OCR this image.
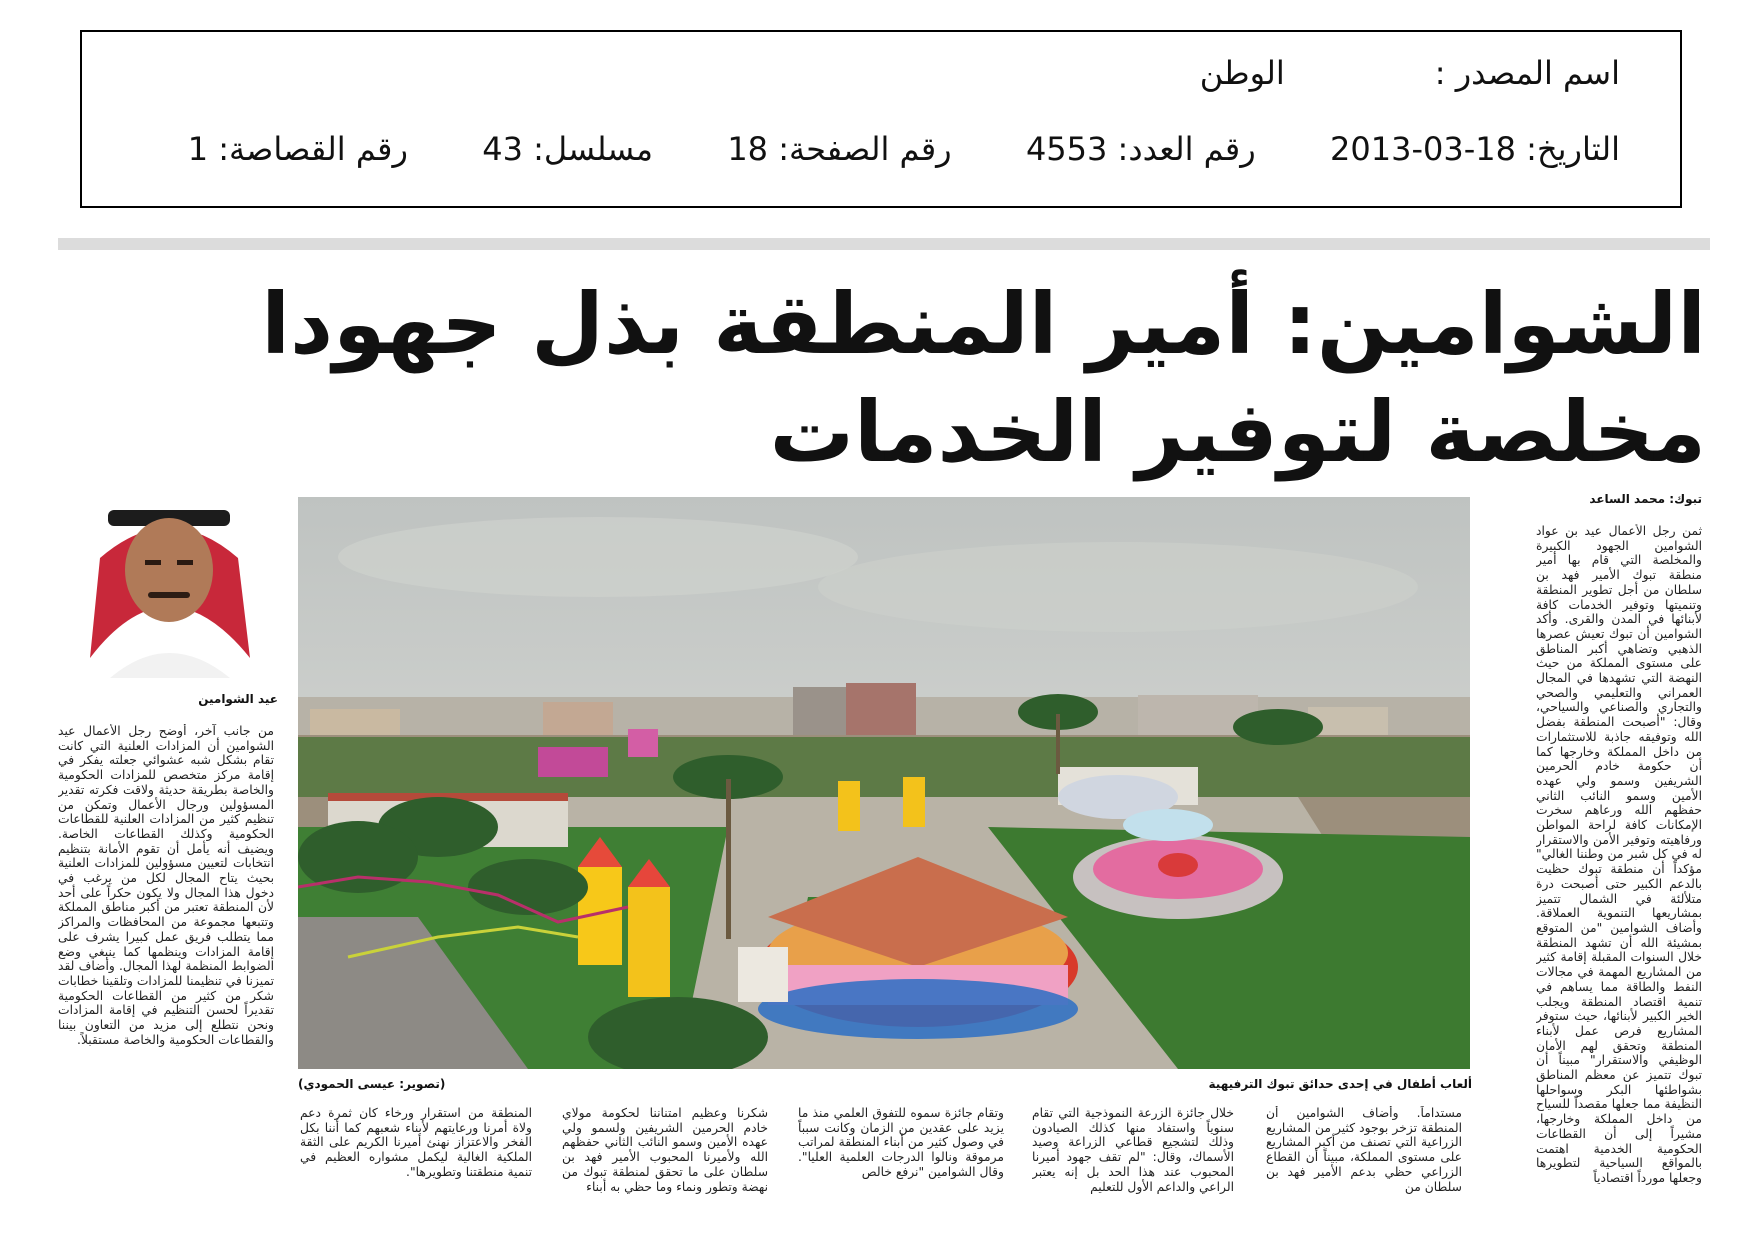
اسم المصدر :الوطن
التاريخ: 2013-03-18  رقم العدد: 4553  رقم الصفحة: 18  مسلسل: 43  رقم القصاصة: 1
الشوامين: أمير المنطقة بذل جهودا
مخلصة لتوفير الخدمات
تبوك: محمد الساعد
ثمن رجل الأعمال عيد بن عواد الشوامين الجهود الكبيرة والمخلصة التي قام بها أمير منطقة تبوك الأمير فهد بن سلطان من أجل تطوير المنطقة وتنميتها وتوفير الخدمات كافة لأبنائها في المدن والقرى. وأكد الشوامين أن تبوك تعيش عصرها الذهبي وتضاهي أكبر المناطق على مستوى المملكة من حيث النهضة التي تشهدها في المجال العمراني والتعليمي والصحي والتجاري والصناعي والسياحي، وقال: "أصبحت المنطقة بفضل الله وتوفيقه جاذبة للاستثمارات من داخل المملكة وخارجها كما أن حكومة خادم الحرمين الشريفين وسمو ولي عهده الأمين وسمو النائب الثاني حفظهم الله ورعاهم سخرت الإمكانات كافة لراحة المواطن ورفاهيته وتوفير الأمن والاستقرار له في كل شبر من وطننا الغالي" مؤكداً أن منطقة تبوك حظيت بالدعم الكبير حتى أصبحت درة متلألئة في الشمال تتميز بمشاريعها التنموية العملاقة. وأضاف الشوامين "من المتوقع بمشيئة الله أن تشهد المنطقة خلال السنوات المقبلة إقامة كثير من المشاريع المهمة في مجالات النفط والطاقة مما يساهم في تنمية اقتصاد المنطقة ويجلب الخير الكبير لأبنائها، حيث ستوفر المشاريع فرص عمل لأبناء المنطقة وتحقق لهم الأمان الوظيفي والاستقرار" مبيناً أن تبوك تتميز عن معظم المناطق بشواطئها البكر وسواحلها النظيفة مما جعلها مقصداً للسياح من داخل المملكة وخارجها، مشيراً إلى أن القطاعات الحكومية الخدمية اهتمت بالمواقع السياحية لتطويرها وجعلها مورداً اقتصادياً
ألعاب أطفال في إحدى حدائق تبوك الترفيهية
(تصوير: عيسى الحمودي)
عيد الشوامين
من جانب آخر، أوضح رجل الأعمال عيد الشوامين أن المزادات العلنية التي كانت تقام بشكل شبه عشوائي جعلته يفكر في إقامة مركز متخصص للمزادات الحكومية والخاصة بطريقة حديثة ولاقت فكرته تقدير المسؤولين ورجال الأعمال وتمكن من تنظيم كثير من المزادات العلنية للقطاعات الحكومية وكذلك القطاعات الخاصة. ويضيف أنه يأمل أن تقوم الأمانة بتنظيم انتخابات لتعيين مسؤولين للمزادات العلنية بحيث يتاح المجال لكل من يرغب في دخول هذا المجال ولا يكون حكراً على أحد لأن المنطقة تعتبر من أكبر مناطق المملكة وتتبعها مجموعة من المحافظات والمراكز مما يتطلب فريق عمل كبيرا يشرف على إقامة المزادات وينظمها كما ينبغي وضع الضوابط المنظمة لهذا المجال. وأضاف لقد تميزنا في تنظيمنا للمزادات وتلقينا خطابات شكر من كثير من القطاعات الحكومية تقديراً لحسن التنظيم في إقامة المزادات ونحن نتطلع إلى مزيد من التعاون بيننا والقطاعات الحكومية والخاصة مستقبلاً.
مستداماً. وأضاف الشوامين أن المنطقة تزخر بوجود كثير من المشاريع الزراعية التي تصنف من أكبر المشاريع على مستوى المملكة، مبيناً أن القطاع الزراعي حظي بدعم الأمير فهد بن سلطان من
خلال جائزة الزرعة النموذجية التي تقام سنوياً واستفاد منها كذلك الصيادون وذلك لتشجيع قطاعي الزراعة وصيد الأسماك، وقال: "لم تقف جهود أميرنا المحبوب عند هذا الحد بل إنه يعتبر الراعي والداعم الأول للتعليم
وتقام جائزة سموه للتفوق العلمي منذ ما يزيد على عقدين من الزمان وكانت سبباً في وصول كثير من أبناء المنطقة لمراتب مرموقة ونالوا الدرجات العلمية العليا". وقال الشوامين "نرفع خالص
شكرنا وعظيم امتناننا لحكومة مولاي خادم الحرمين الشريفين ولسمو ولي عهده الأمين وسمو النائب الثاني حفظهم الله ولأميرنا المحبوب الأمير فهد بن سلطان على ما تحقق لمنطقة تبوك من نهضة وتطور ونماء وما حظي به أبناء
المنطقة من استقرار ورخاء كان ثمرة دعم ولاة أمرنا ورعايتهم لأبناء شعبهم كما أننا بكل الفخر والاعتزاز نهنئ أميرنا الكريم على الثقة الملكية الغالية ليكمل مشواره العظيم في تنمية منطقتنا وتطويرها".
